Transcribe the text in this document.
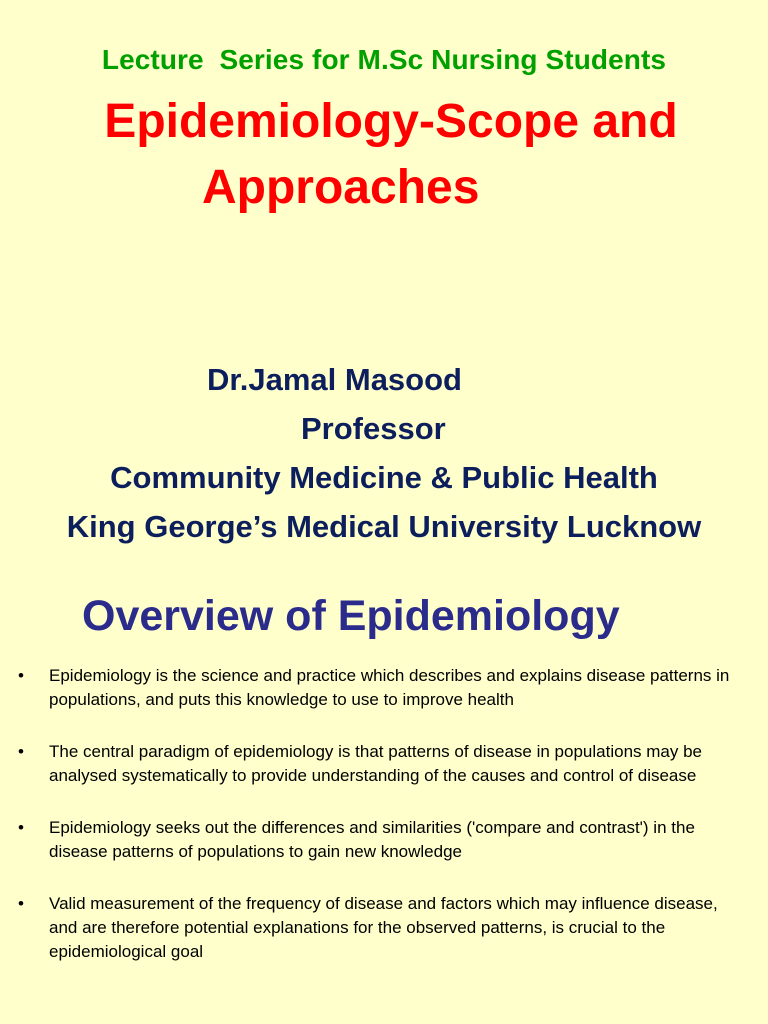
Lecture  Series for M.Sc Nursing Students
Epidemiology-Scope and
Approaches
Dr.Jamal Masood
Professor
Community Medicine & Public Health
King George’s Medical University Lucknow
Overview of Epidemiology
• Epidemiology is the science and practice which describes and explains disease patterns in populations, and puts this knowledge to use to improve health
• The central paradigm of epidemiology is that patterns of disease in populations may be analysed systematically to provide understanding of the causes and control of disease
• Epidemiology seeks out the differences and similarities ('compare and contrast') in the disease patterns of populations to gain new knowledge
• Valid measurement of the frequency of disease and factors which may influence disease, and are therefore potential explanations for the observed patterns, is crucial to the epidemiological goal
